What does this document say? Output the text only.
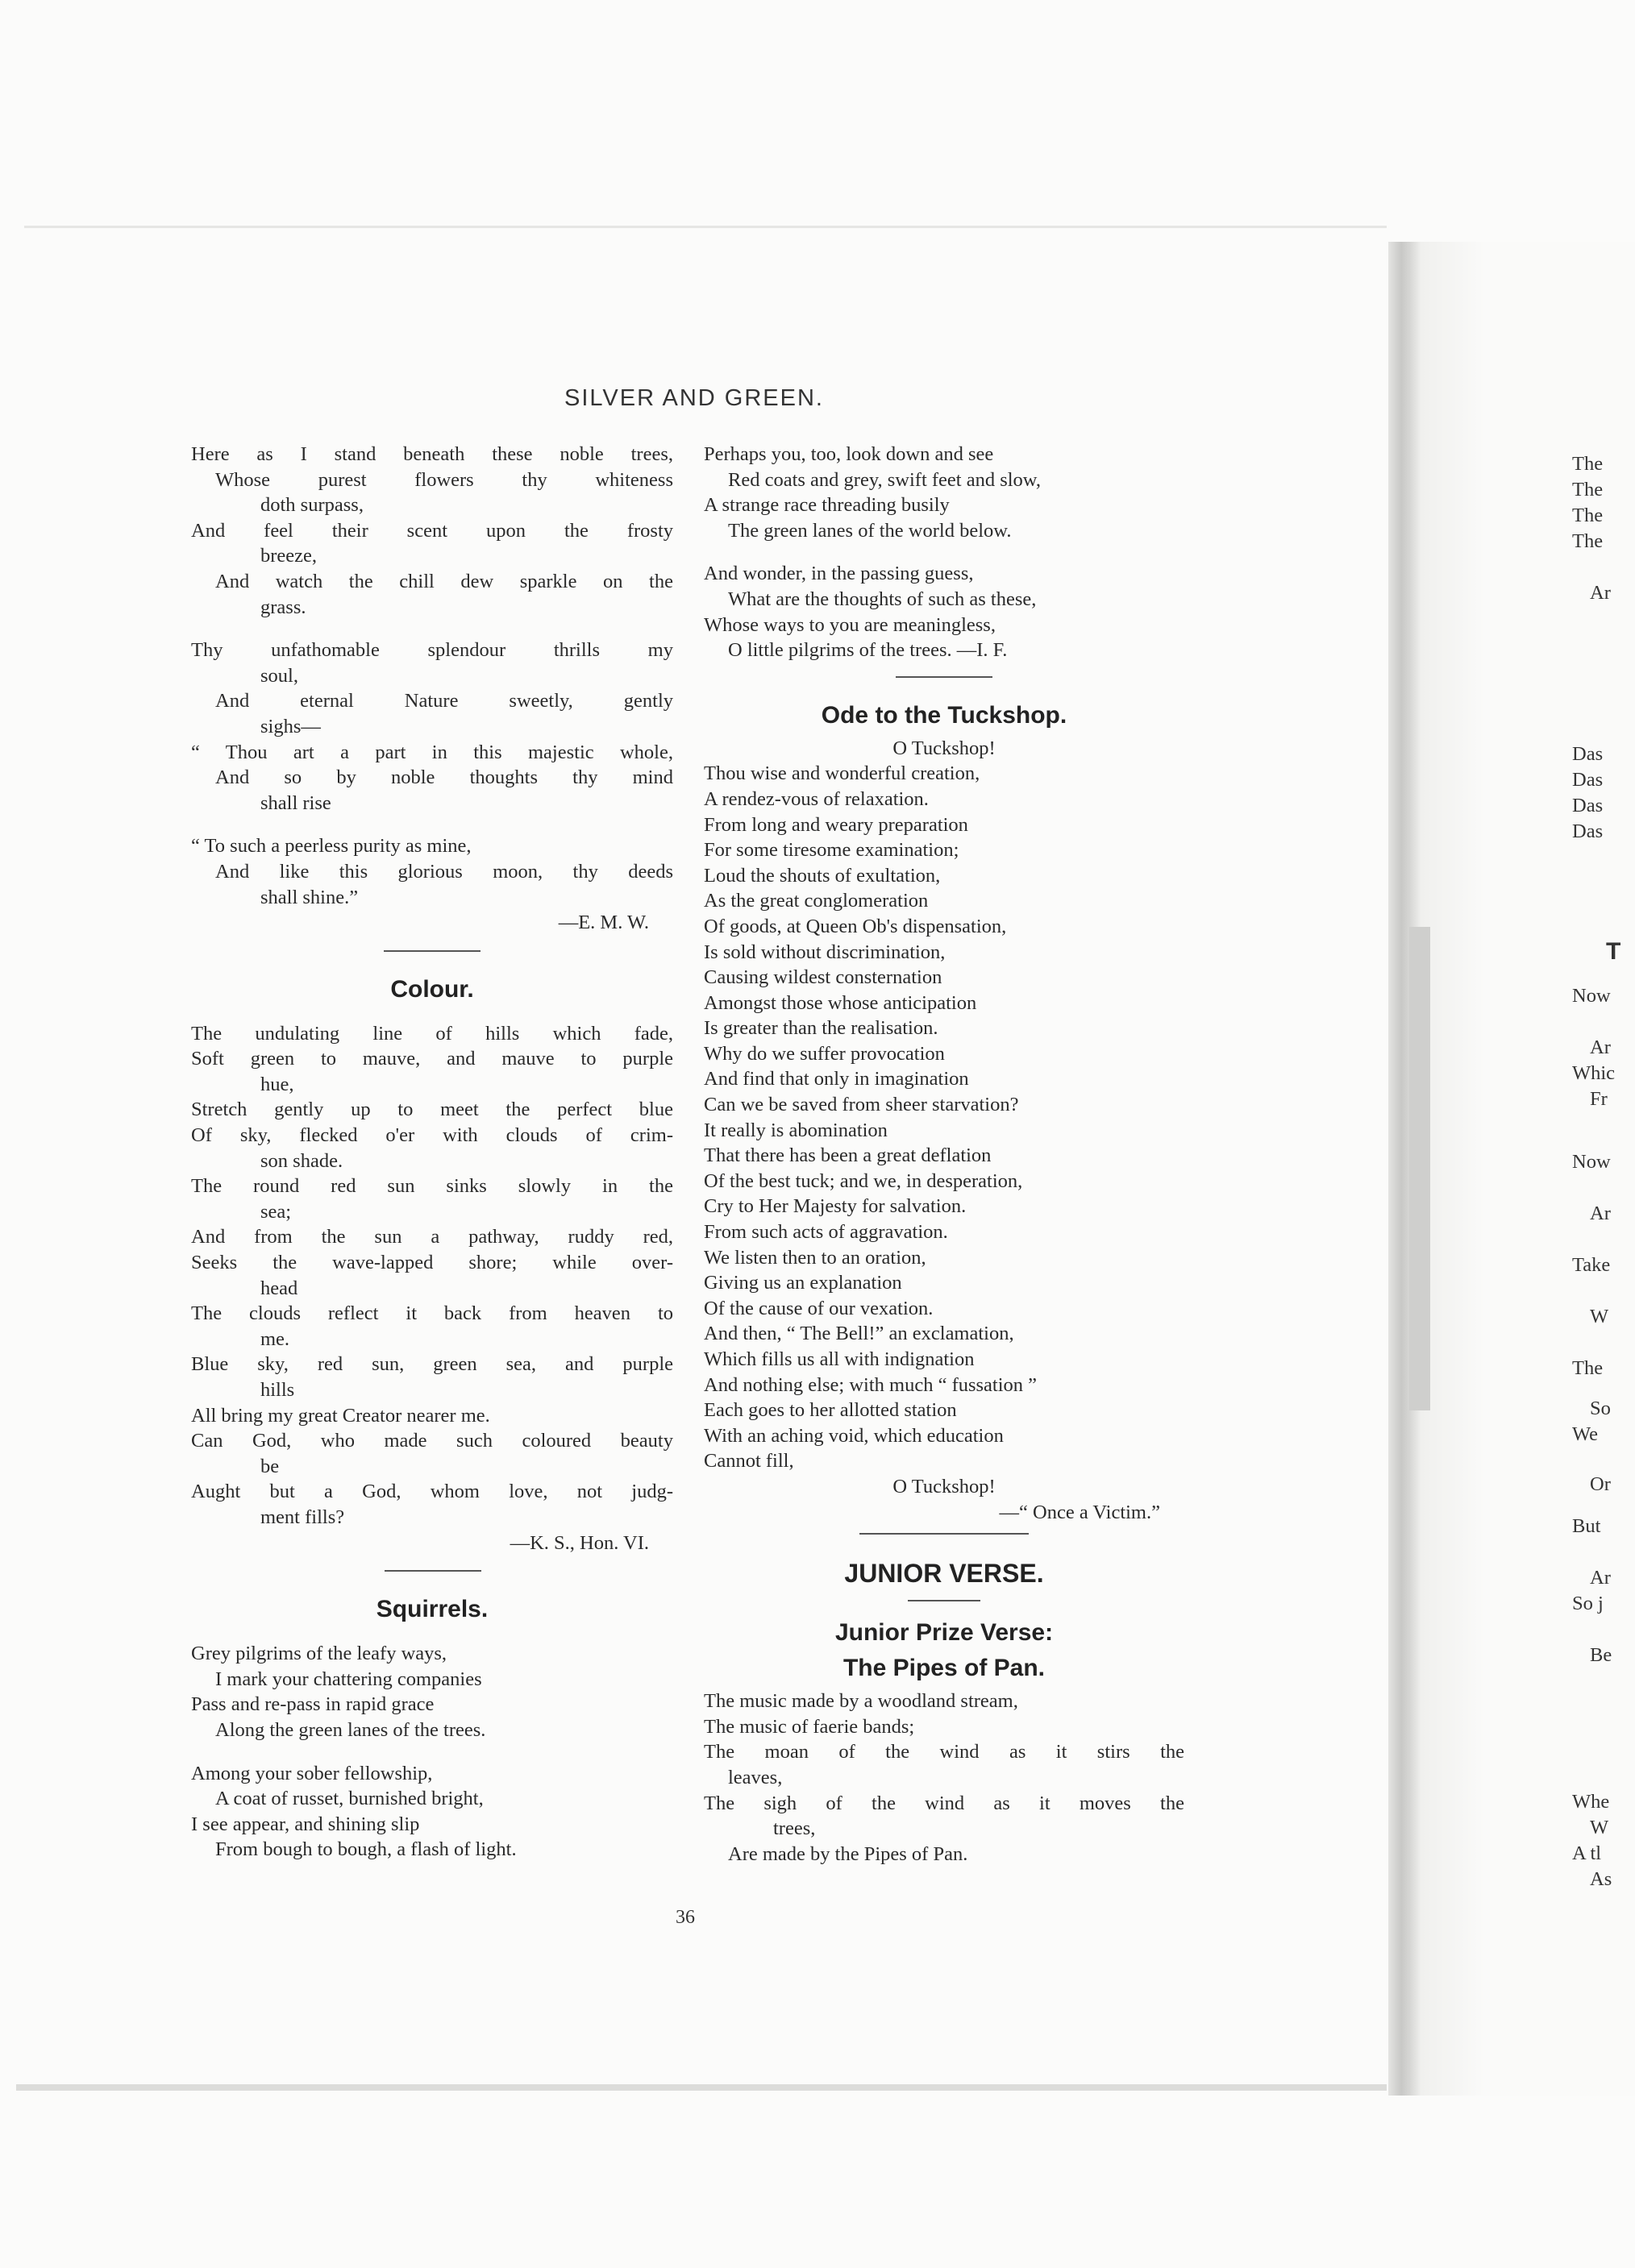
SILVER AND GREEN.
Here as I stand beneath these noble trees,
Whose purest flowers thy whiteness
doth surpass,
And feel their scent upon the frosty
breeze,
And watch the chill dew sparkle on the
grass.
Thy unfathomable splendour thrills my
soul,
And eternal Nature sweetly, gently
sighs—
“ Thou art a part in this majestic whole,
And so by noble thoughts thy mind
shall rise
“ To such a peerless purity as mine,
And like this glorious moon, thy deeds
shall shine.”
—E. M. W.
Colour.
The undulating line of hills which fade,
Soft green to mauve, and mauve to purple
hue,
Stretch gently up to meet the perfect blue
Of sky, flecked o'er with clouds of crim-
son shade.
The round red sun sinks slowly in the
sea;
And from the sun a pathway, ruddy red,
Seeks the wave-lapped shore; while over-
head
The clouds reflect it back from heaven to
me.
Blue sky, red sun, green sea, and purple
hills
All bring my great Creator nearer me.
Can God, who made such coloured beauty
be
Aught but a God, whom love, not judg-
ment fills?
—K. S., Hon. VI.
Squirrels.
Grey pilgrims of the leafy ways,
I mark your chattering companies
Pass and re-pass in rapid grace
Along the green lanes of the trees.
Among your sober fellowship,
A coat of russet, burnished bright,
I see appear, and shining slip
From bough to bough, a flash of light.
Perhaps you, too, look down and see
Red coats and grey, swift feet and slow,
A strange race threading busily
The green lanes of the world below.
And wonder, in the passing guess,
What are the thoughts of such as these,
Whose ways to you are meaningless,
O little pilgrims of the trees. —I. F.
Ode to the Tuckshop.
O Tuckshop!
Thou wise and wonderful creation,
A rendez-vous of relaxation.
From long and weary preparation
For some tiresome examination;
Loud the shouts of exultation,
As the great conglomeration
Of goods, at Queen Ob's dispensation,
Is sold without discrimination,
Causing wildest consternation
Amongst those whose anticipation
Is greater than the realisation.
Why do we suffer provocation
And find that only in imagination
Can we be saved from sheer starvation?
It really is abomination
That there has been a great deflation
Of the best tuck; and we, in desperation,
Cry to Her Majesty for salvation.
From such acts of aggravation.
We listen then to an oration,
Giving us an explanation
Of the cause of our vexation.
And then, “ The Bell!” an exclamation,
Which fills us all with indignation
And nothing else; with much “ fussation ”
Each goes to her allotted station
With an aching void, which education
Cannot fill,
O Tuckshop!
—“ Once a Victim.”
JUNIOR VERSE.
Junior Prize Verse:
The Pipes of Pan.
The music made by a woodland stream,
The music of faerie bands;
The moan of the wind as it stirs the
leaves,
The sigh of the wind as it moves the
trees,
Are made by the Pipes of Pan.
36
The
The
The
The
Ar
Das
Das
Das
Das
T
Now
Ar
Whic
Fr
Now
Ar
Take
W
The
So
We
Or
But
Ar
So j
Be
Whe
W
A tl
As
